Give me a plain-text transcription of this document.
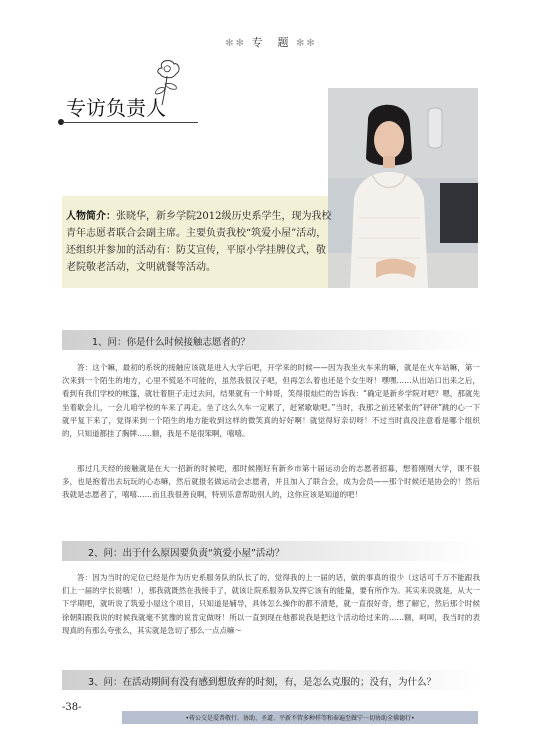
✻✻ 专　题 ✻✻
专访负责人
人物简介：张晓华，新乡学院2012级历史系学生，现为我校青年志愿者联合会副主席。主要负责我校“筑爱小屋”活动，还组织并参加的活动有：防艾宣传，平原小学挂牌仪式，敬老院敬老活动，文明就餐等活动。
1、问：你是什么时候接触志愿者的？
答：这个嘛，最初的系统的接触应该就是进入大学后吧，开学来的时候——因为我坐火车来的嘛，就是在火车站嘛，第一次来到一个陌生的地方，心里不慌是不可能的，虽然我很汉子吧，但再怎么着也还是个女生呀！嘿嘿……从出站口出来之后，看到有我们学校的帐篷，就壮着胆子走过去问，结果就有一个帅哥，笑得很灿烂的告诉我：“确定是新乡学院对吧？嗯，那就先坐着歇会儿，一会儿咱学校的车来了再走。坐了这么久车一定累了，赶紧歇歇吧。”当时，我那之前还紧张的“砰砰”跳的心一下就平复下来了，觉得来到一个陌生的地方能收到这样的微笑真的好好啊！就觉得好亲切呀！不过当时真没注意看是哪个组织的，只知道都挂了胸牌……额，我是不是很笨啊，嘻嘻。
那过几天经的接触就是在大一招新的时候吧，那时候刚好有新乡市第十届运动会的志愿者招募，想着刚刚大学，课不很多，也是抱着出去玩玩的心态嘛，然后就报名做运动会志愿者，并且加入了联合会，成为会员——那个时候还是协会的！然后我就是志愿者了，嘻嘻……而且我很善良啊，特别乐意帮助别人的，这你应该是知道的吧！
2、问：出于什么原因要负责“筑爱小屋”活动？
答：因为当时的定位已经是作为历史系服务队的队长了的，觉得我的上一届的话，做的事真的很少（这话可千万不能跟我们上一届的学长说哦！），那我就既然在我接手了，就该让院系服务队发挥它该有的能量，要有所作为。其实来说就是，从大一下学期吧，就听说了筑爱小屋这个项目，只知道是辅导，具体怎么操作的都不清楚，就一直很好奇，想了解它，然后那个时候徐朝阳跟我说的时候我就毫不犹豫的说肯定做呀！所以一直到现在他都说我是把这个活动给过来的……额，呵呵，我当时的表现真的有那么夸张么，其实就是急切了那么一点点嘛～
3、问：在活动期间有没有感到想放弃的时刻，有，是怎么克服的；没有，为什么？
-38-
•传公交是爱普敬行、协助、圣道、平新不管多种样等和奉遍至做宁一切协助全佛德行•
